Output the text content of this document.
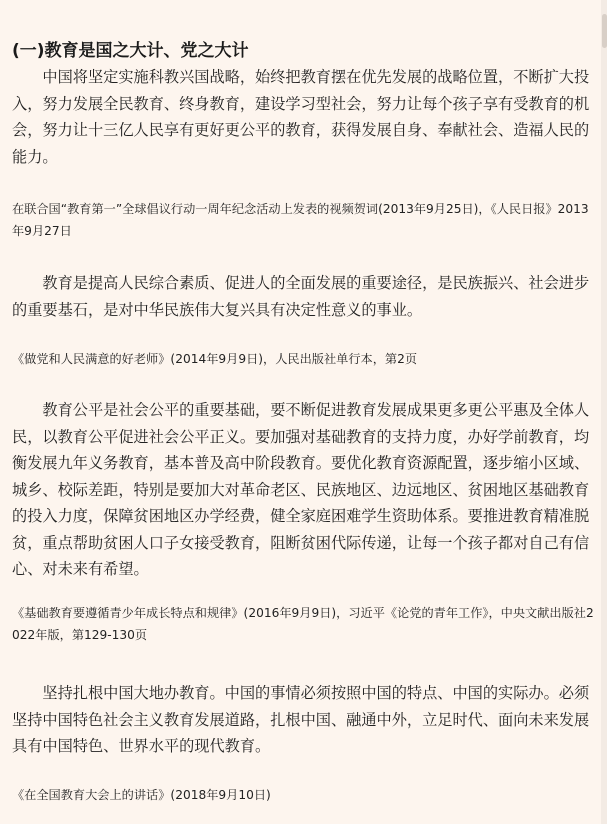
(一)教育是国之大计、党之大计

中国将坚定实施科教兴国战略，始终把教育摆在优先发展的战略位置，不断扩大投入，努力发展全民教育、终身教育，建设学习型社会，努力让每个孩子享有受教育的机会，努力让十三亿人民享有更好更公平的教育，获得发展自身、奉献社会、造福人民的能力。

在联合国“教育第一”全球倡议行动一周年纪念活动上发表的视频贺词(2013年9月25日)，《人民日报》2013年9月27日

教育是提高人民综合素质、促进人的全面发展的重要途径，是民族振兴、社会进步的重要基石，是对中华民族伟大复兴具有决定性意义的事业。

《做党和人民满意的好老师》(2014年9月9日)，人民出版社单行本，第2页

教育公平是社会公平的重要基础，要不断促进教育发展成果更多更公平惠及全体人民，以教育公平促进社会公平正义。要加强对基础教育的支持力度，办好学前教育，均衡发展九年义务教育，基本普及高中阶段教育。要优化教育资源配置，逐步缩小区域、城乡、校际差距，特别是要加大对革命老区、民族地区、边远地区、贫困地区基础教育的投入力度，保障贫困地区办学经费，健全家庭困难学生资助体系。要推进教育精准脱贫，重点帮助贫困人口子女接受教育，阻断贫困代际传递，让每一个孩子都对自己有信心、对未来有希望。

《基础教育要遵循青少年成长特点和规律》(2016年9月9日)，习近平《论党的青年工作》，中央文献出版社2022年版，第129-130页

坚持扎根中国大地办教育。中国的事情必须按照中国的特点、中国的实际办。必须坚持中国特色社会主义教育发展道路，扎根中国、融通中外，立足时代、面向未来发展具有中国特色、世界水平的现代教育。

《在全国教育大会上的讲话》(2018年9月10日)
